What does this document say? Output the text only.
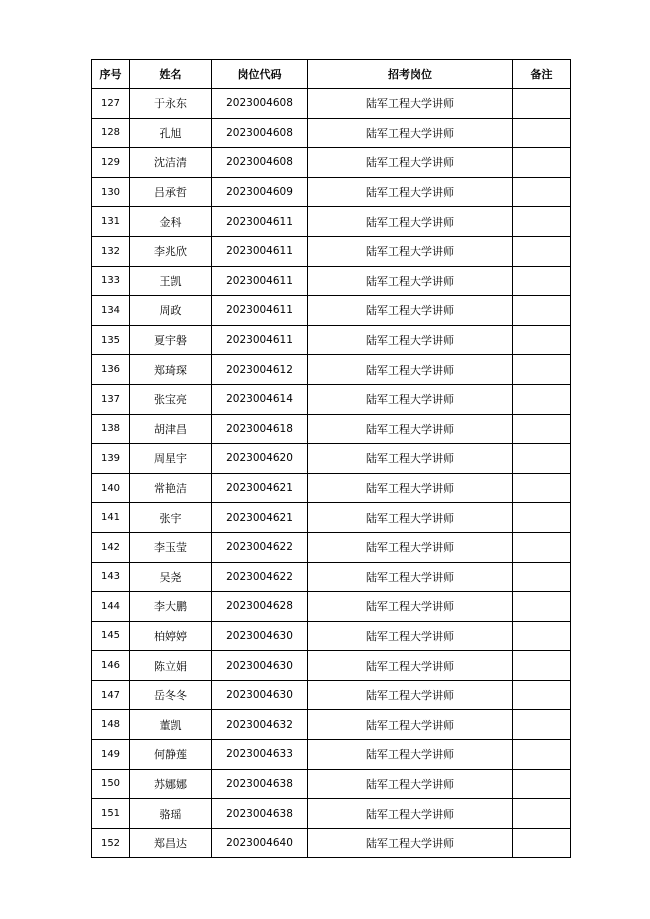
序号	姓名	岗位代码	招考岗位	备注
127	于永东	2023004608	陆军工程大学讲师	
128	孔旭	2023004608	陆军工程大学讲师	
129	沈洁清	2023004608	陆军工程大学讲师	
130	吕承哲	2023004609	陆军工程大学讲师	
131	金科	2023004611	陆军工程大学讲师	
132	李兆欣	2023004611	陆军工程大学讲师	
133	王凯	2023004611	陆军工程大学讲师	
134	周政	2023004611	陆军工程大学讲师	
135	夏宇磐	2023004611	陆军工程大学讲师	
136	郑琦琛	2023004612	陆军工程大学讲师	
137	张宝亮	2023004614	陆军工程大学讲师	
138	胡津昌	2023004618	陆军工程大学讲师	
139	周星宇	2023004620	陆军工程大学讲师	
140	常艳洁	2023004621	陆军工程大学讲师	
141	张宇	2023004621	陆军工程大学讲师	
142	李玉莹	2023004622	陆军工程大学讲师	
143	吴尧	2023004622	陆军工程大学讲师	
144	李大鹏	2023004628	陆军工程大学讲师	
145	柏婷婷	2023004630	陆军工程大学讲师	
146	陈立娟	2023004630	陆军工程大学讲师	
147	岳冬冬	2023004630	陆军工程大学讲师	
148	董凯	2023004632	陆军工程大学讲师	
149	何静莲	2023004633	陆军工程大学讲师	
150	苏娜娜	2023004638	陆军工程大学讲师	
151	骆瑶	2023004638	陆军工程大学讲师	
152	郑昌达	2023004640	陆军工程大学讲师	
